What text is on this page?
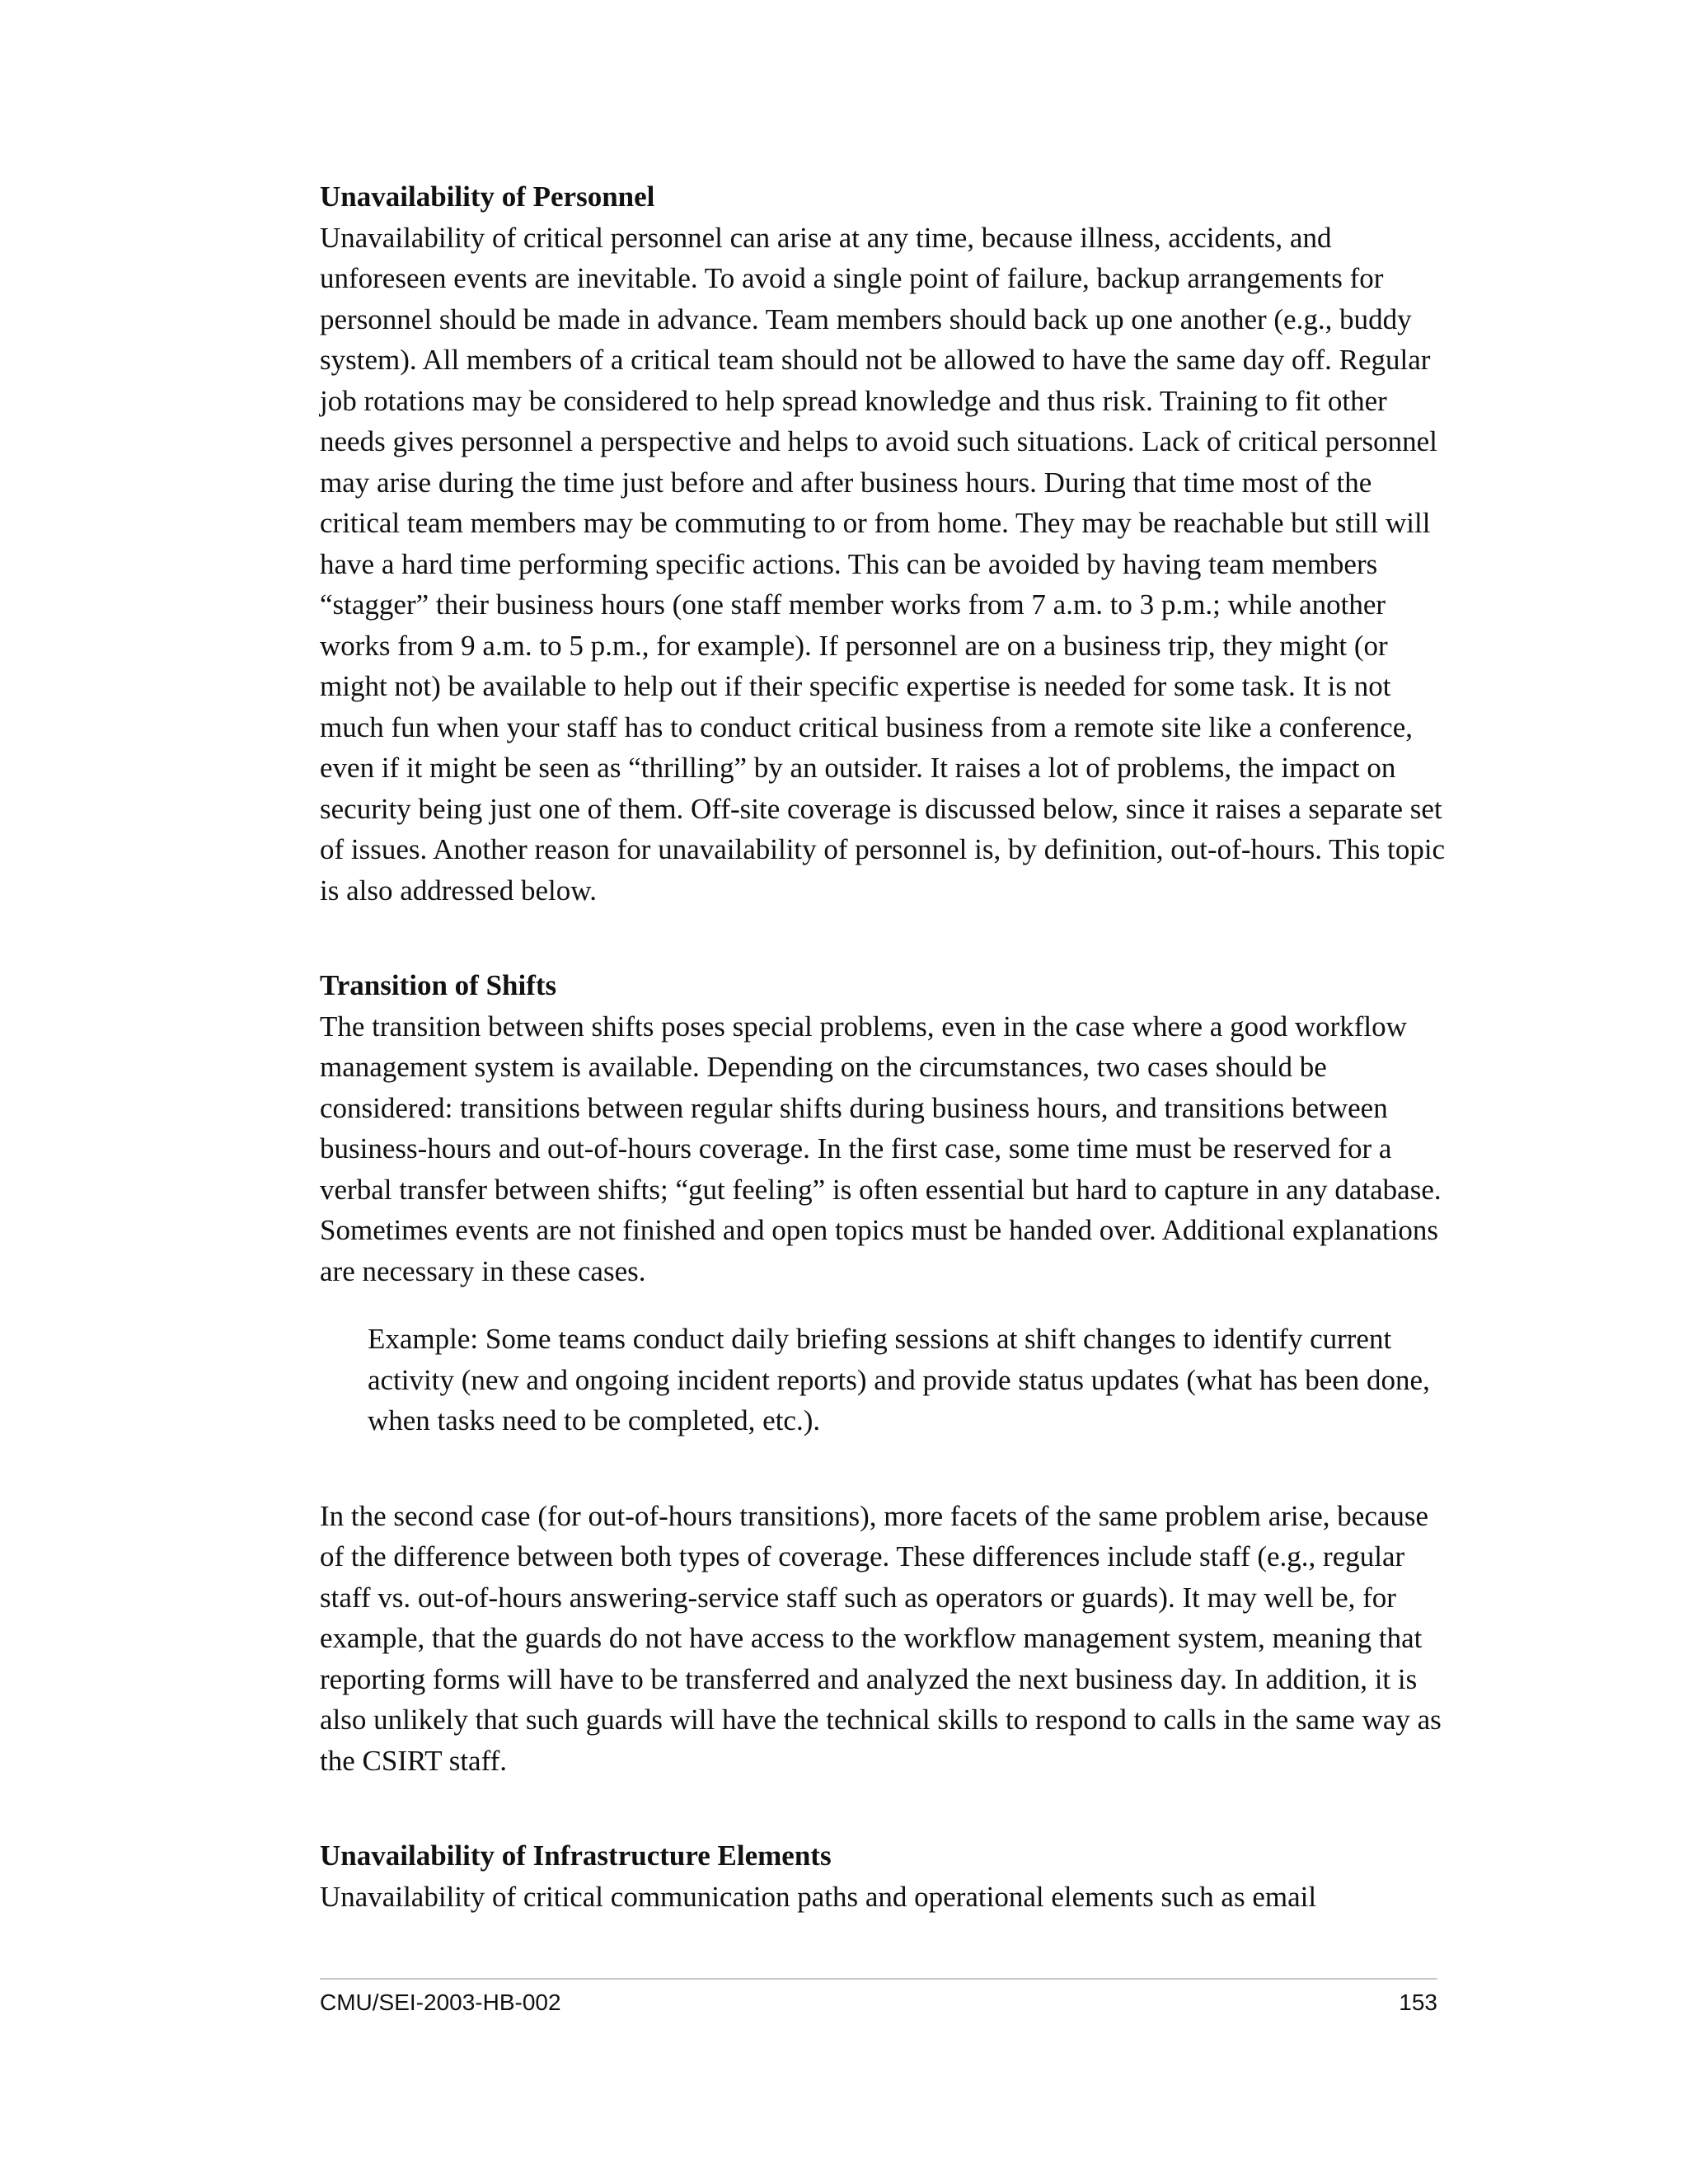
Unavailability of Personnel

Unavailability of critical personnel can arise at any time, because illness, accidents, and unforeseen events are inevitable. To avoid a single point of failure, backup arrangements for personnel should be made in advance. Team members should back up one another (e.g., buddy system). All members of a critical team should not be allowed to have the same day off. Regular job rotations may be considered to help spread knowledge and thus risk. Training to fit other needs gives personnel a perspective and helps to avoid such situations. Lack of critical personnel may arise during the time just before and after business hours. During that time most of the critical team members may be commuting to or from home. They may be reachable but still will have a hard time performing specific actions. This can be avoided by having team members “stagger” their business hours (one staff member works from 7 a.m. to 3 p.m.; while another works from 9 a.m. to 5 p.m., for example). If personnel are on a business trip, they might (or might not) be available to help out if their specific expertise is needed for some task. It is not much fun when your staff has to conduct critical business from a remote site like a conference, even if it might be seen as “thrilling” by an outsider. It raises a lot of problems, the impact on security being just one of them. Off-site coverage is discussed below, since it raises a separate set of issues. Another reason for unavailability of personnel is, by definition, out-of-hours. This topic is also addressed below.

Transition of Shifts

The transition between shifts poses special problems, even in the case where a good workflow management system is available. Depending on the circumstances, two cases should be considered: transitions between regular shifts during business hours, and transitions between business-hours and out-of-hours coverage. In the first case, some time must be reserved for a verbal transfer between shifts; “gut feeling” is often essential but hard to capture in any database. Sometimes events are not finished and open topics must be handed over. Additional explanations are necessary in these cases.

Example: Some teams conduct daily briefing sessions at shift changes to identify current activity (new and ongoing incident reports) and provide status updates (what has been done, when tasks need to be completed, etc.).

In the second case (for out-of-hours transitions), more facets of the same problem arise, because of the difference between both types of coverage. These differences include staff (e.g., regular staff vs. out-of-hours answering-service staff such as operators or guards). It may well be, for example, that the guards do not have access to the workflow management system, meaning that reporting forms will have to be transferred and analyzed the next business day. In addition, it is also unlikely that such guards will have the technical skills to respond to calls in the same way as the CSIRT staff.

Unavailability of Infrastructure Elements

Unavailability of critical communication paths and operational elements such as email

CMU/SEI-2003-HB-002	153
